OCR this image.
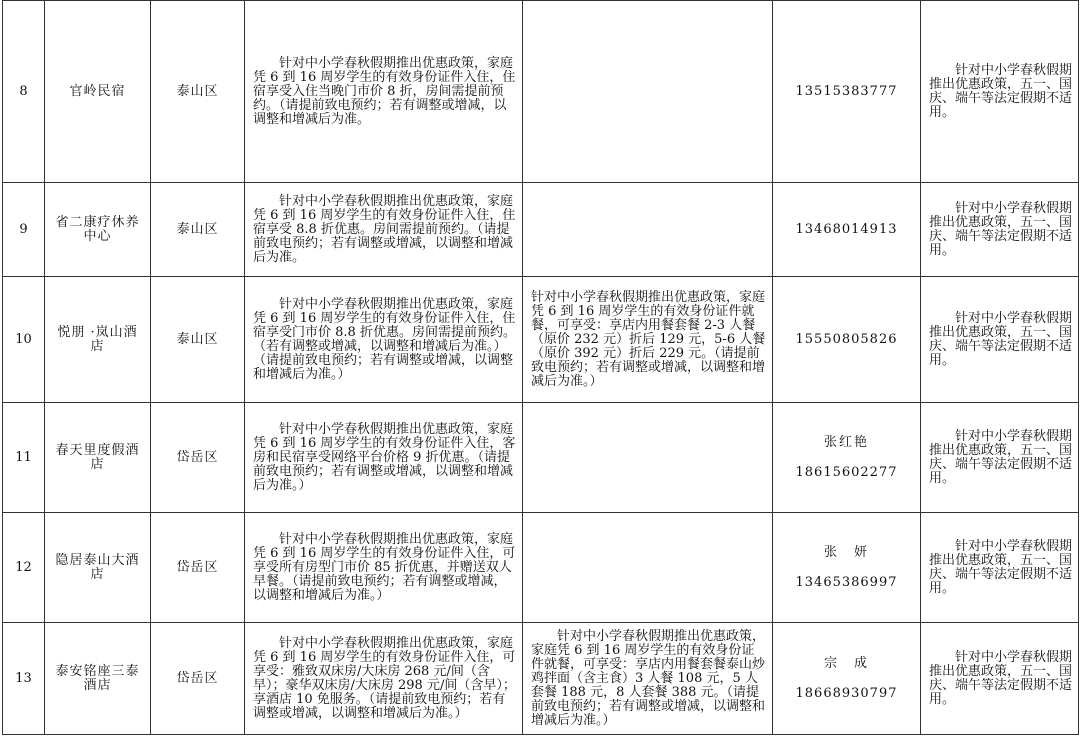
8	官岭民宿	泰山区	针对中小学春秋假期推出优惠政策，家庭凭 6 到 16 周岁学生的有效身份证件入住，住宿享受入住当晚门市价 8 折，房间需提前预约。（请提前致电预约；若有调整或增减，以调整和增减后为准。		13515383777	针对中小学春秋假期推出优惠政策，五一、国庆、端午等法定假期不适用。

9	省二康疗休养中心	泰山区	针对中小学春秋假期推出优惠政策，家庭凭 6 到 16 周岁学生的有效身份证件入住，住宿享受 8.8 折优惠。房间需提前预约。（请提前致电预约；若有调整或增减，以调整和增减后为准。		13468014913	针对中小学春秋假期推出优惠政策，五一、国庆、端午等法定假期不适用。

10	悦朋 ·岚山酒店	泰山区	针对中小学春秋假期推出优惠政策，家庭凭 6 到 16 周岁学生的有效身份证件入住，住宿享受门市价 8.8 折优惠。房间需提前预约。（若有调整或增减，以调整和增减后为准。）（请提前致电预约；若有调整或增减，以调整和增减后为准。）	针对中小学春秋假期推出优惠政策，家庭凭 6 到 16 周岁学生的有效身份证件就餐，可享受：享店内用餐套餐 2-3 人餐（原价 232 元）折后 129 元，5-6 人餐（原价 392 元）折后 229 元。（请提前致电预约；若有调整或增减，以调整和增减后为准。）	15550805826	针对中小学春秋假期推出优惠政策，五一、国庆、端午等法定假期不适用。

11	春天里度假酒店	岱岳区	针对中小学春秋假期推出优惠政策，家庭凭 6 到 16 周岁学生的有效身份证件入住，客房和民宿享受网络平台价格 9 折优惠。（请提前致电预约；若有调整或增减，以调整和增减后为准。）		张红艳
18615602277	针对中小学春秋假期推出优惠政策，五一、国庆、端午等法定假期不适用。

12	隐居泰山大酒店	岱岳区	针对中小学春秋假期推出优惠政策，家庭凭 6 到 16 周岁学生的有效身份证件入住，可享受所有房型门市价 85 折优惠，并赠送双人早餐。（请提前致电预约；若有调整或增减，以调整和增减后为准。）		张　妍
13465386997	针对中小学春秋假期推出优惠政策，五一、国庆、端午等法定假期不适用。

13	泰安铭座三泰酒店	岱岳区	针对中小学春秋假期推出优惠政策，家庭凭 6 到 16 周岁学生的有效身份证件入住，可享受：雅致双床房/大床房 268 元/间（含早）；豪华双床房/大床房 298 元/间（含早）；享酒店 10 免服务。（请提前致电预约；若有调整或增减，以调整和增减后为准。）	针对中小学春秋假期推出优惠政策，家庭凭 6 到 16 周岁学生的有效身份证件就餐，可享受：享店内用餐套餐泰山炒鸡拌面（含主食）3 人餐 108 元，5 人套餐 188 元，8 人套餐 388 元。（请提前致电预约；若有调整或增减，以调整和增减后为准。）	宗　成
18668930797	针对中小学春秋假期推出优惠政策，五一、国庆、端午等法定假期不适用。
